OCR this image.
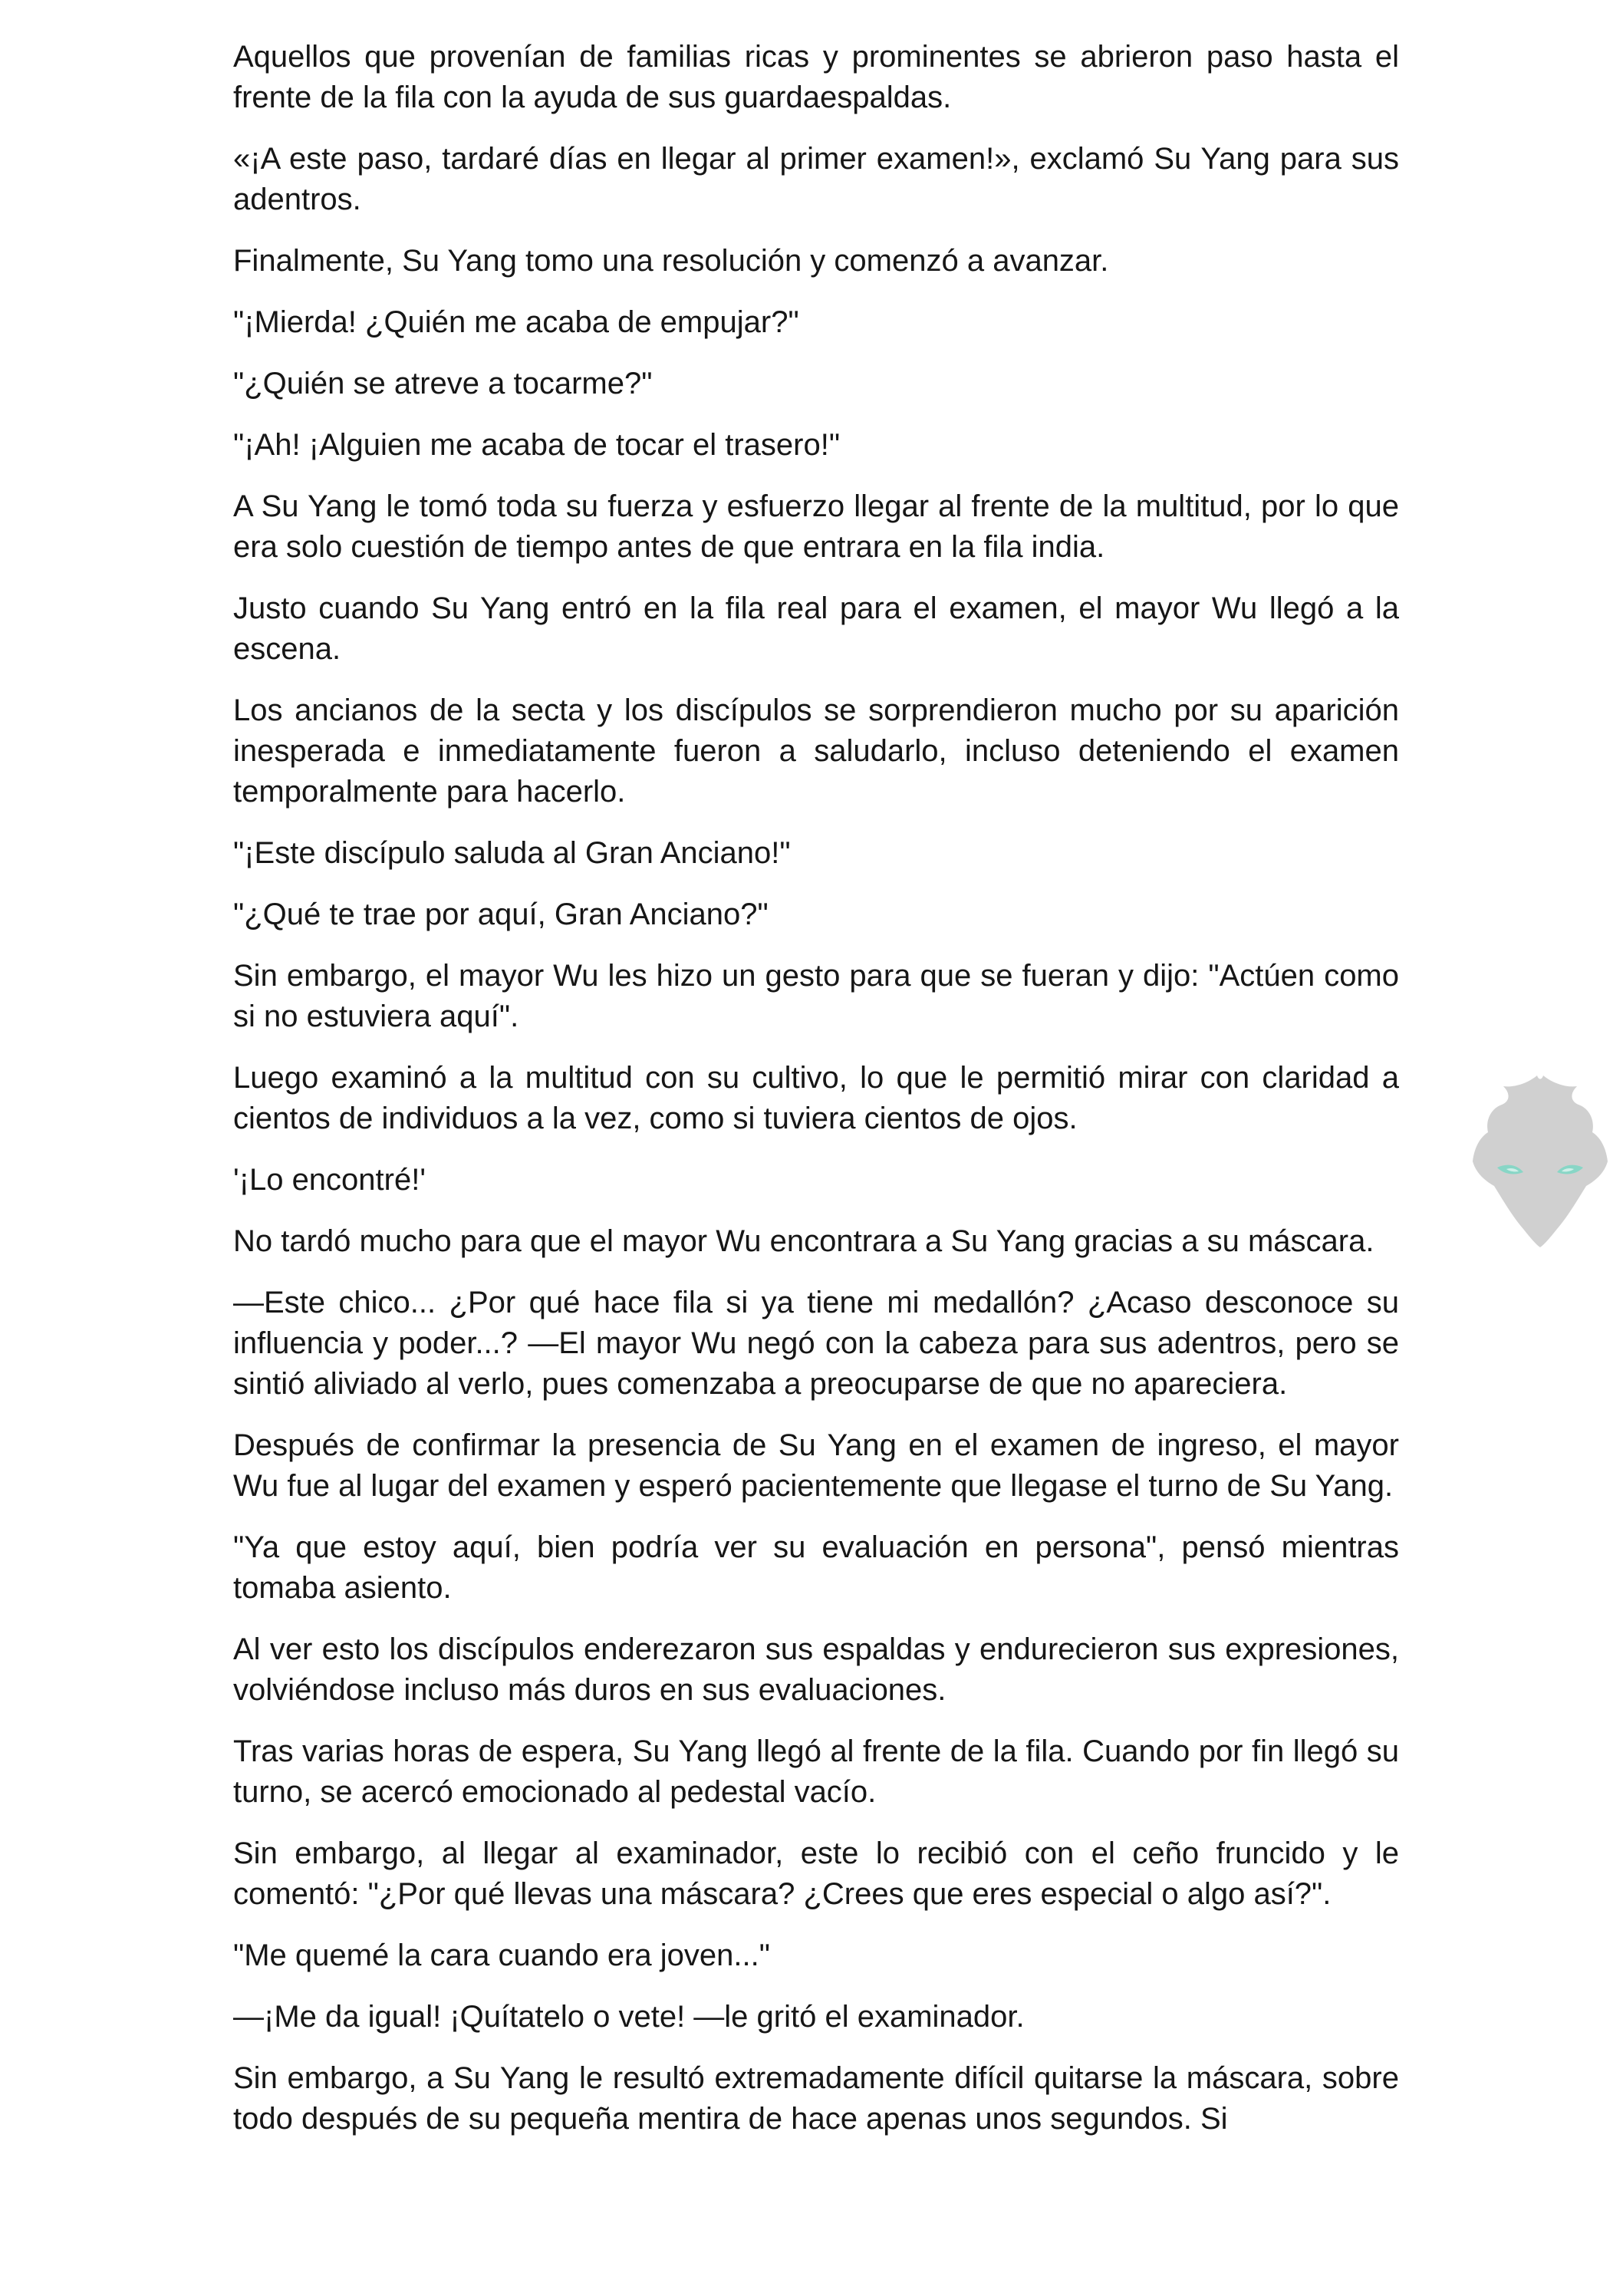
Aquellos que provenían de familias ricas y prominentes se abrieron paso hasta el frente de la fila con la ayuda de sus guardaespaldas.

«¡A este paso, tardaré días en llegar al primer examen!», exclamó Su Yang para sus adentros.

Finalmente, Su Yang tomo una resolución y comenzó a avanzar.

"¡Mierda! ¿Quién me acaba de empujar?"

"¿Quién se atreve a tocarme?"

"¡Ah! ¡Alguien me acaba de tocar el trasero!"

A Su Yang le tomó toda su fuerza y esfuerzo llegar al frente de la multitud, por lo que era solo cuestión de tiempo antes de que entrara en la fila india.

Justo cuando Su Yang entró en la fila real para el examen, el mayor Wu llegó a la escena.

Los ancianos de la secta y los discípulos se sorprendieron mucho por su aparición inesperada e inmediatamente fueron a saludarlo, incluso deteniendo el examen temporalmente para hacerlo.

"¡Este discípulo saluda al Gran Anciano!"

"¿Qué te trae por aquí, Gran Anciano?"

Sin embargo, el mayor Wu les hizo un gesto para que se fueran y dijo: "Actúen como si no estuviera aquí".

Luego examinó a la multitud con su cultivo, lo que le permitió mirar con claridad a cientos de individuos a la vez, como si tuviera cientos de ojos.

'¡Lo encontré!'

No tardó mucho para que el mayor Wu encontrara a Su Yang gracias a su máscara.

—Este chico... ¿Por qué hace fila si ya tiene mi medallón? ¿Acaso desconoce su influencia y poder...? —El mayor Wu negó con la cabeza para sus adentros, pero se sintió aliviado al verlo, pues comenzaba a preocuparse de que no apareciera.

Después de confirmar la presencia de Su Yang en el examen de ingreso, el mayor Wu fue al lugar del examen y esperó pacientemente que llegase el turno de Su Yang.

"Ya que estoy aquí, bien podría ver su evaluación en persona", pensó mientras tomaba asiento.

Al ver esto los discípulos enderezaron sus espaldas y endurecieron sus expresiones, volviéndose incluso más duros en sus evaluaciones.

Tras varias horas de espera, Su Yang llegó al frente de la fila. Cuando por fin llegó su turno, se acercó emocionado al pedestal vacío.

Sin embargo, al llegar al examinador, este lo recibió con el ceño fruncido y le comentó: "¿Por qué llevas una máscara? ¿Crees que eres especial o algo así?".

"Me quemé la cara cuando era joven..."

—¡Me da igual! ¡Quítatelo o vete! —le gritó el examinador.

Sin embargo, a Su Yang le resultó extremadamente difícil quitarse la máscara, sobre todo después de su pequeña mentira de hace apenas unos segundos. Si
